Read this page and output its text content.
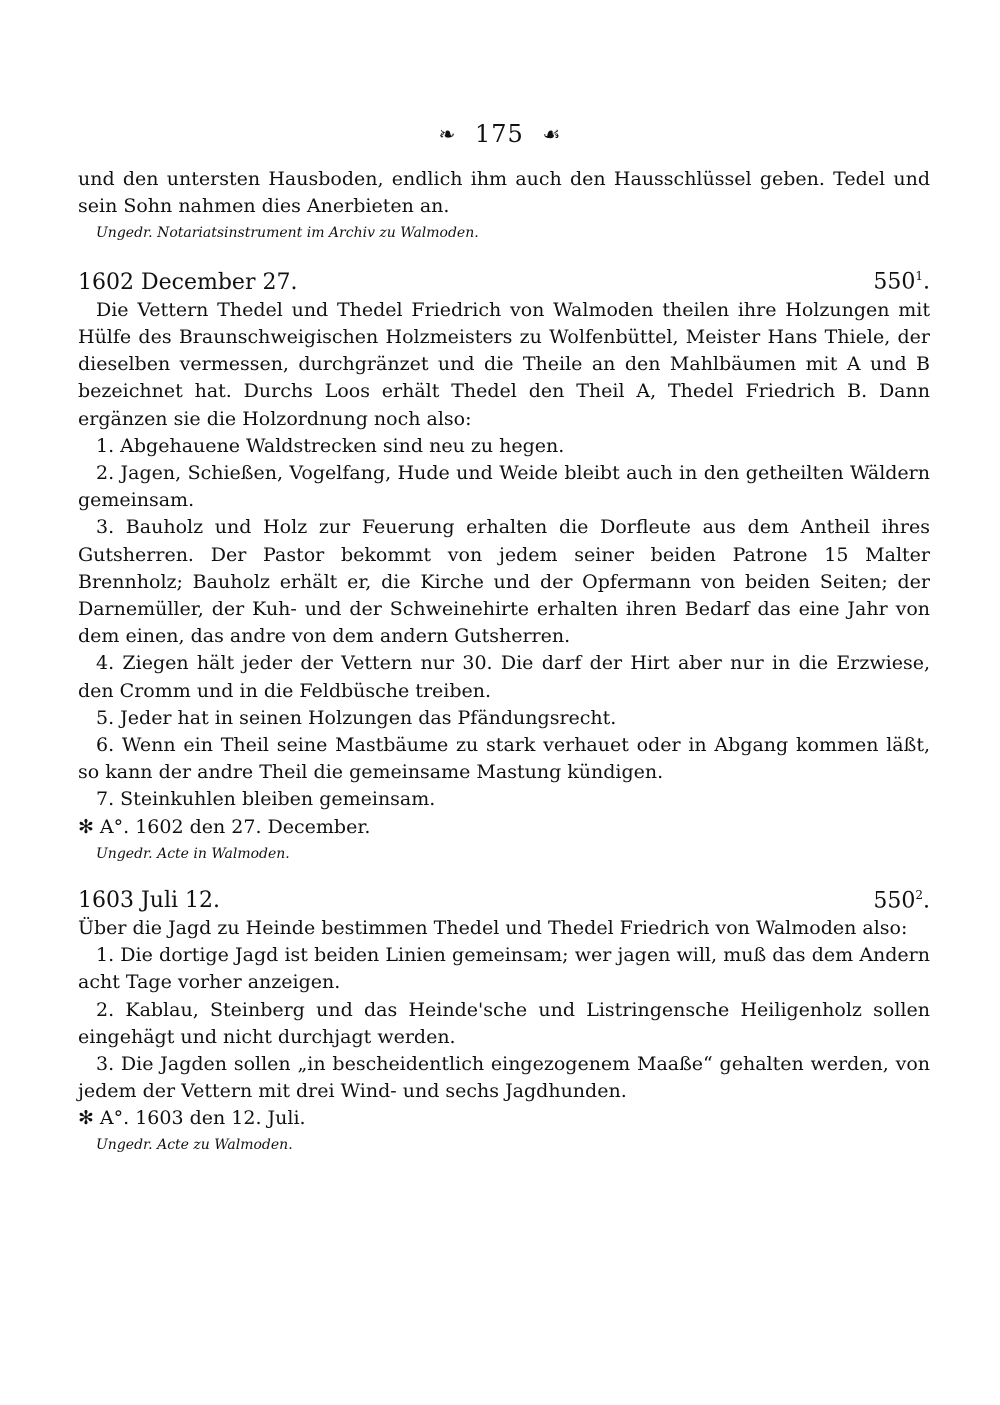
❧ 175 ☙

und den untersten Hausboden, endlich ihm auch den Hausschlüssel geben. Tedel und sein Sohn nahmen dies Anerbieten an.

Ungedr. Notariatsinstrument im Archiv zu Walmoden.

1602 December 27.	$550^1$.

Die Vettern Thedel und Thedel Friedrich von Walmoden theilen ihre Holzungen mit Hülfe des Braunschweigischen Holzmeisters zu Wolfenbüttel, Meister Hans Thiele, der dieselben vermessen, durchgränzet und die Theile an den Mahlbäumen mit A und B bezeichnet hat. Durchs Loos erhält Thedel den Theil A, Thedel Friedrich B. Dann ergänzen sie die Holzordnung noch also:

1. Abgehauene Waldstrecken sind neu zu hegen.

2. Jagen, Schießen, Vogelfang, Hude und Weide bleibt auch in den getheilten Wäldern gemeinsam.

3. Bauholz und Holz zur Feuerung erhalten die Dorfleute aus dem Antheil ihres Gutsherren. Der Pastor bekommt von jedem seiner beiden Patrone 15 Malter Brennholz; Bauholz erhält er, die Kirche und der Opfermann von beiden Seiten; der Darnemüller, der Kuh- und der Schweinehirte erhalten ihren Bedarf das eine Jahr von dem einen, das andre von dem andern Gutsherren.

4. Ziegen hält jeder der Vettern nur 30. Die darf der Hirt aber nur in die Erzwiese, den Cromm und in die Feldbüsche treiben.

5. Jeder hat in seinen Holzungen das Pfändungsrecht.

6. Wenn ein Theil seine Mastbäume zu stark verhauet oder in Abgang kommen läßt, so kann der andre Theil die gemeinsame Mastung kündigen.

7. Steinkuhlen bleiben gemeinsam.

✻ A°. 1602 den 27. December.

Ungedr. Acte in Walmoden.

1603 Juli 12.	$550^2$.

Über die Jagd zu Heinde bestimmen Thedel und Thedel Friedrich von Walmoden also:

1. Die dortige Jagd ist beiden Linien gemeinsam; wer jagen will, muß das dem Andern acht Tage vorher anzeigen.

2. Kablau, Steinberg und das Heinde'sche und Listringensche Heiligenholz sollen eingehägt und nicht durchjagt werden.

3. Die Jagden sollen „in bescheidentlich eingezogenem Maaße“ gehalten werden, von jedem der Vettern mit drei Wind- und sechs Jagdhunden.

✻ A°. 1603 den 12. Juli.

Ungedr. Acte zu Walmoden.
